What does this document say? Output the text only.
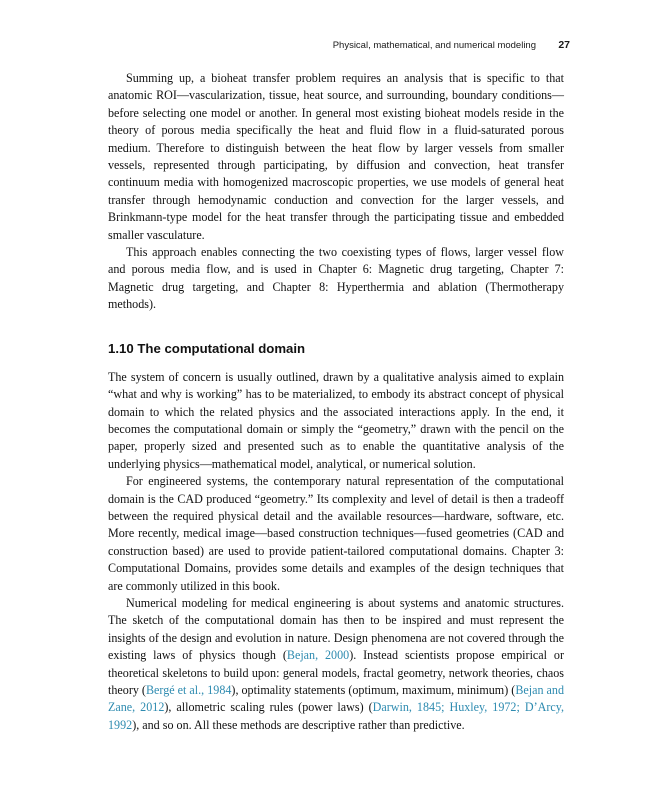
Physical, mathematical, and numerical modeling 27

Summing up, a bioheat transfer problem requires an analysis that is specific to that anatomic ROI—vascularization, tissue, heat source, and surrounding, boundary conditions—before selecting one model or another. In general most existing bioheat models reside in the theory of porous media specifically the heat and fluid flow in a fluid-saturated porous medium. Therefore to distinguish between the heat flow by larger vessels from smaller vessels, represented through participating, by diffusion and convection, heat transfer continuum media with homogenized macroscopic properties, we use models of general heat transfer through hemodynamic conduction and convection for the larger vessels, and Brinkmann-type model for the heat transfer through the participating tissue and embedded smaller vasculature.

This approach enables connecting the two coexisting types of flows, larger vessel flow and porous media flow, and is used in Chapter 6: Magnetic drug targeting, Chapter 7: Magnetic drug targeting, and Chapter 8: Hyperthermia and ablation (Thermotherapy methods).

1.10 The computational domain

The system of concern is usually outlined, drawn by a qualitative analysis aimed to explain “what and why is working” has to be materialized, to embody its abstract concept of physical domain to which the related physics and the associated interactions apply. In the end, it becomes the computational domain or simply the “geometry,” drawn with the pencil on the paper, properly sized and presented such as to enable the quantitative analysis of the underlying physics—mathematical model, analytical, or numerical solution.

For engineered systems, the contemporary natural representation of the computational domain is the CAD produced “geometry.” Its complexity and level of detail is then a tradeoff between the required physical detail and the available resources—hardware, software, etc. More recently, medical image—based construction techniques—fused geometries (CAD and construction based) are used to provide patient-tailored computational domains. Chapter 3: Computational Domains, provides some details and examples of the design techniques that are commonly utilized in this book.

Numerical modeling for medical engineering is about systems and anatomic structures. The sketch of the computational domain has then to be inspired and must represent the insights of the design and evolution in nature. Design phenomena are not covered through the existing laws of physics though (Bejan, 2000). Instead scientists propose empirical or theoretical skeletons to build upon: general models, fractal geometry, network theories, chaos theory (Bergé et al., 1984), optimality statements (optimum, maximum, minimum) (Bejan and Zane, 2012), allometric scaling rules (power laws) (Darwin, 1845; Huxley, 1972; D’Arcy, 1992), and so on. All these methods are descriptive rather than predictive.
